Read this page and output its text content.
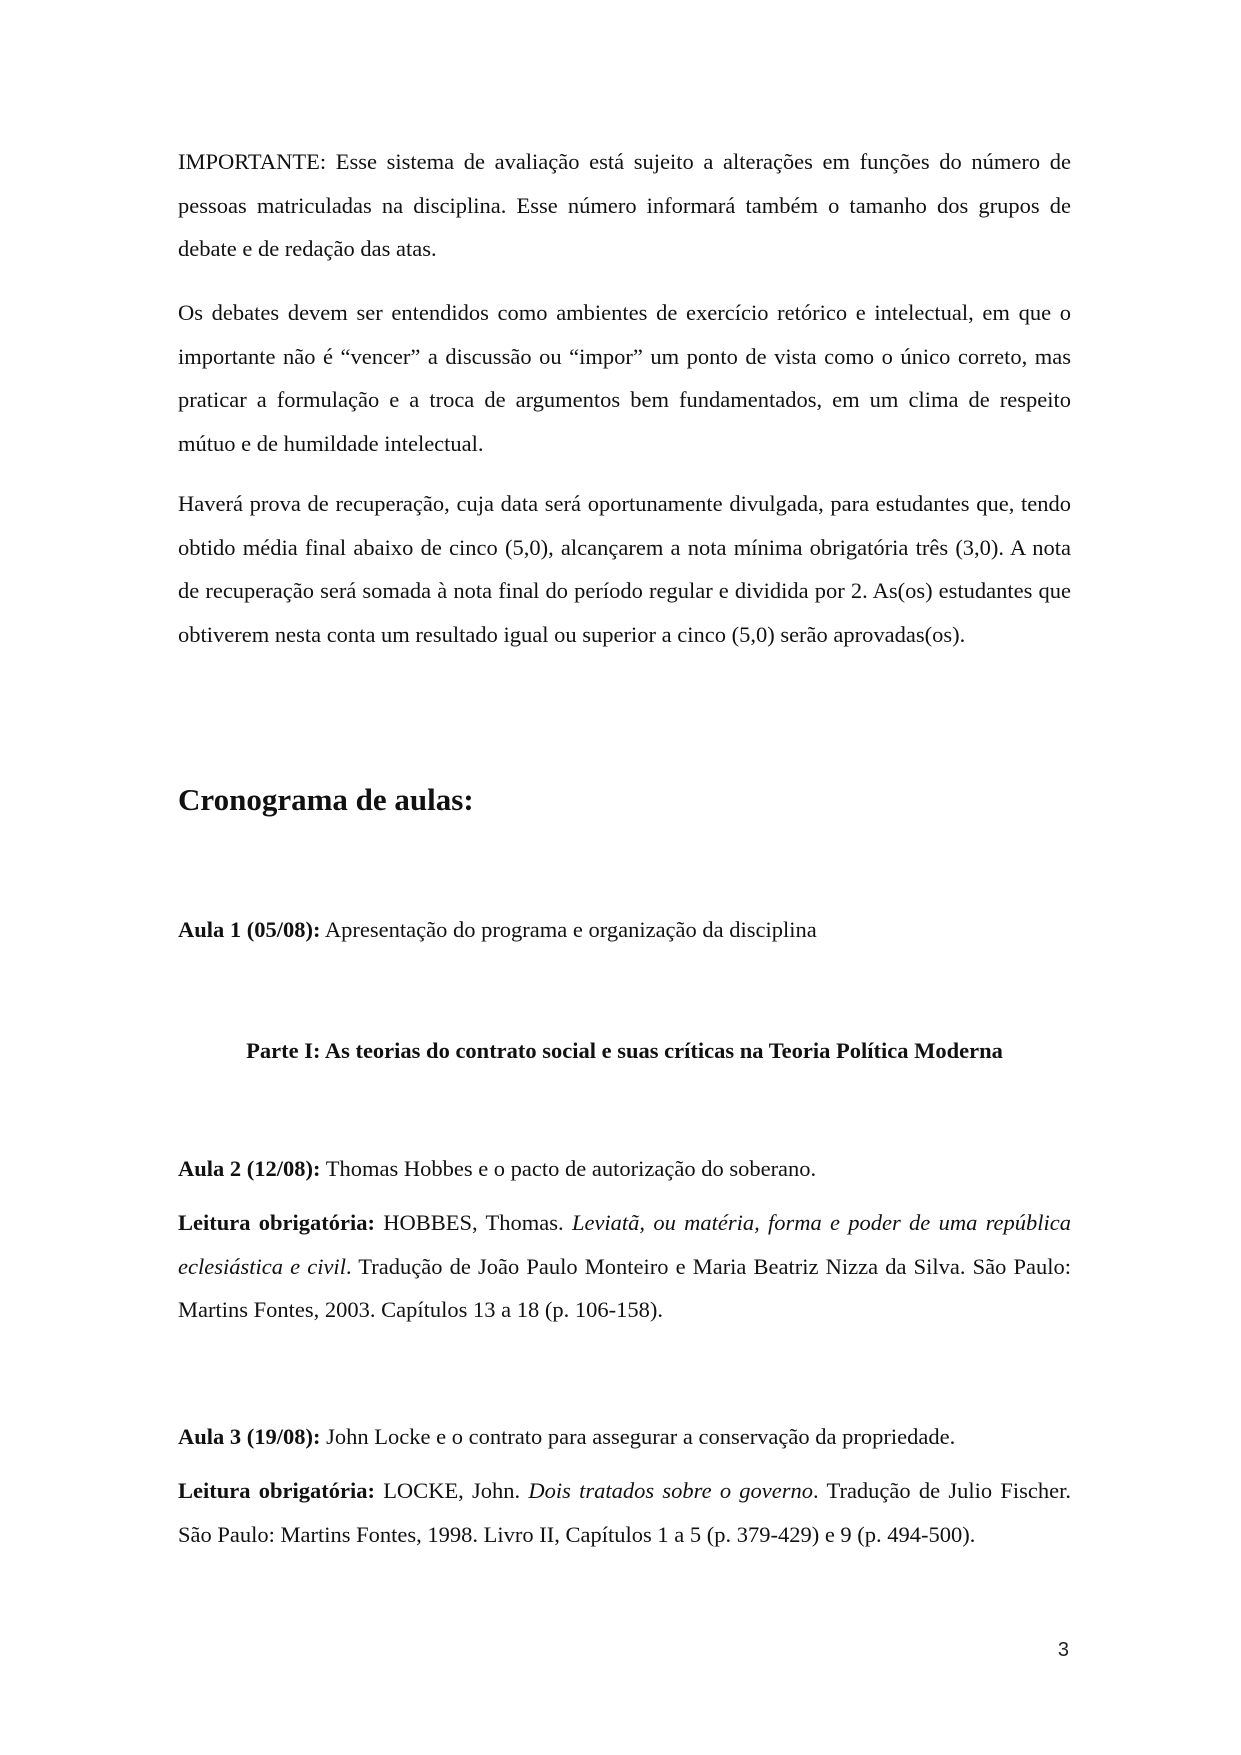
IMPORTANTE: Esse sistema de avaliação está sujeito a alterações em funções do número de pessoas matriculadas na disciplina. Esse número informará também o tamanho dos grupos de debate e de redação das atas.

Os debates devem ser entendidos como ambientes de exercício retórico e intelectual, em que o importante não é “vencer” a discussão ou “impor” um ponto de vista como o único correto, mas praticar a formulação e a troca de argumentos bem fundamentados, em um clima de respeito mútuo e de humildade intelectual.

Haverá prova de recuperação, cuja data será oportunamente divulgada, para estudantes que, tendo obtido média final abaixo de cinco (5,0), alcançarem a nota mínima obrigatória três (3,0). A nota de recuperação será somada à nota final do período regular e dividida por 2. As(os) estudantes que obtiverem nesta conta um resultado igual ou superior a cinco (5,0) serão aprovadas(os).

Cronograma de aulas:

Aula 1 (05/08): Apresentação do programa e organização da disciplina

Parte I: As teorias do contrato social e suas críticas na Teoria Política Moderna

Aula 2 (12/08): Thomas Hobbes e o pacto de autorização do soberano.

Leitura obrigatória: HOBBES, Thomas. Leviatã, ou matéria, forma e poder de uma república eclesiástica e civil. Tradução de João Paulo Monteiro e Maria Beatriz Nizza da Silva. São Paulo: Martins Fontes, 2003. Capítulos 13 a 18 (p. 106-158).

Aula 3 (19/08): John Locke e o contrato para assegurar a conservação da propriedade.

Leitura obrigatória: LOCKE, John. Dois tratados sobre o governo. Tradução de Julio Fischer. São Paulo: Martins Fontes, 1998. Livro II, Capítulos 1 a 5 (p. 379-429) e 9 (p. 494-500).

3
